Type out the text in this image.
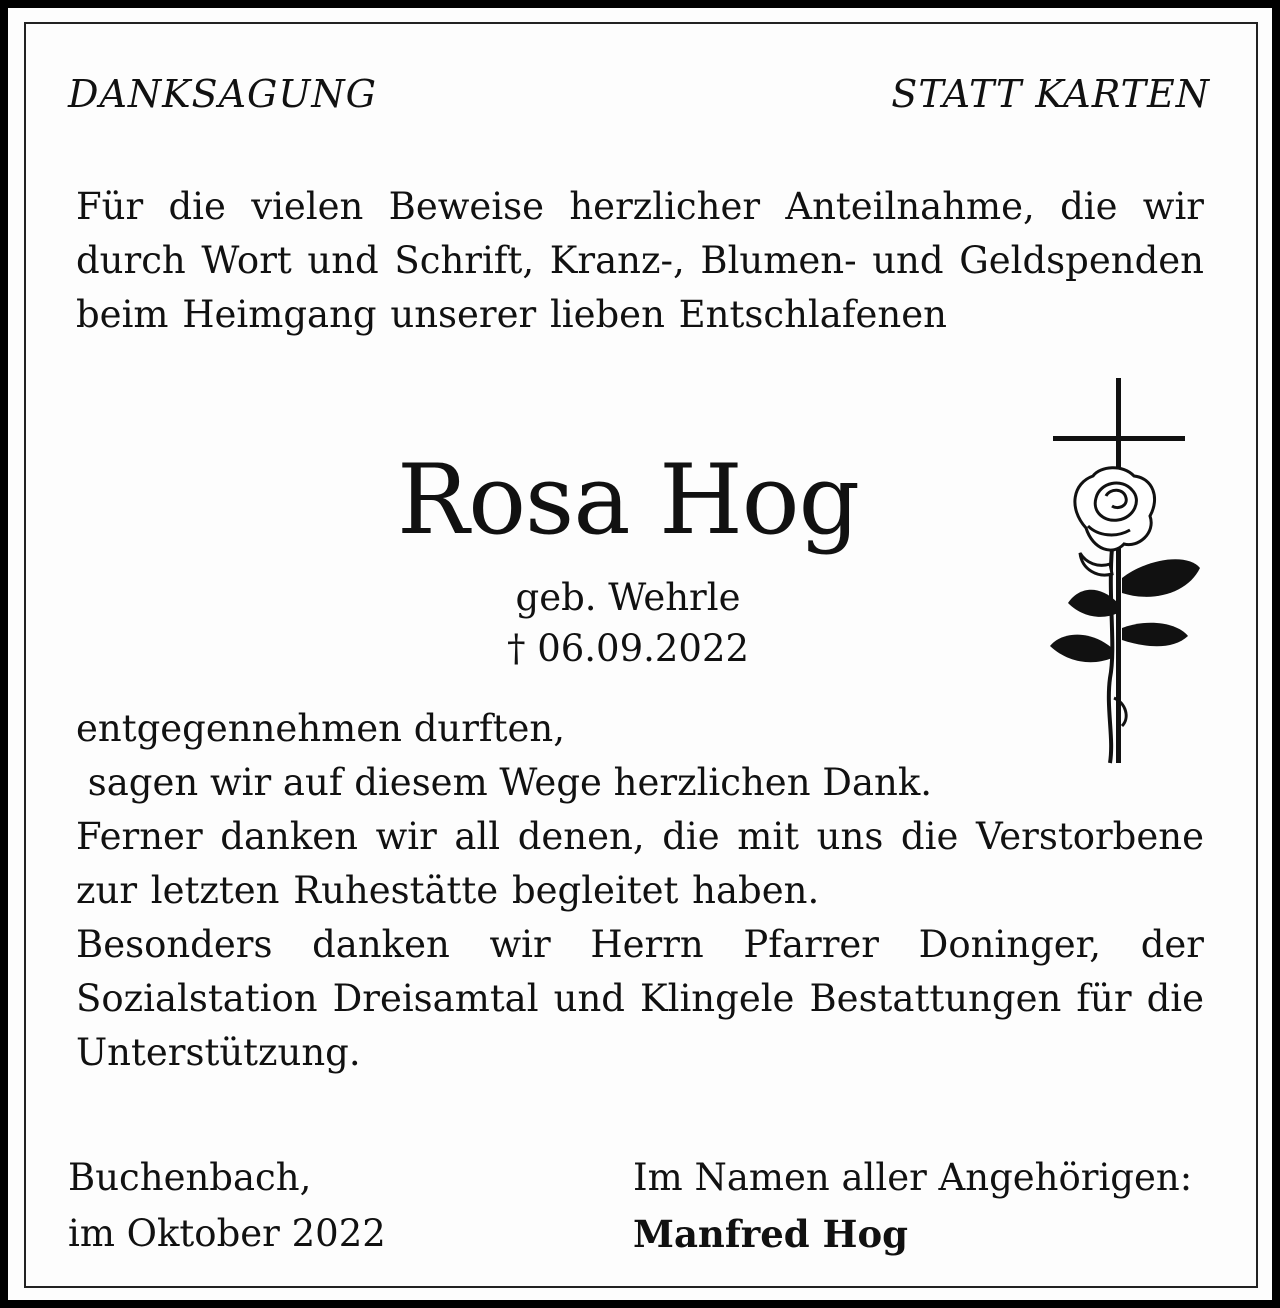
DANKSAGUNG	STATT KARTEN

Für die vielen Beweise herzlicher Anteilnahme, die wir durch Wort und Schrift, Kranz-, Blumen- und Geldspenden beim Heimgang unserer lieben Entschlafenen

Rosa Hog
geb. Wehrle
† 06.09.2022
entgegennehmen durften,
sagen wir auf diesem Wege herzlichen Dank.
Ferner danken wir all denen, die mit uns die Verstorbene zur letzten Ruhestätte begleitet haben.
Besonders danken wir Herrn Pfarrer Doninger, der Sozialstation Dreisamtal und Klingele Bestattungen für die Unterstützung.
Buchenbach,
im Oktober 2022
Im Namen aller Angehörigen:
Manfred Hog
